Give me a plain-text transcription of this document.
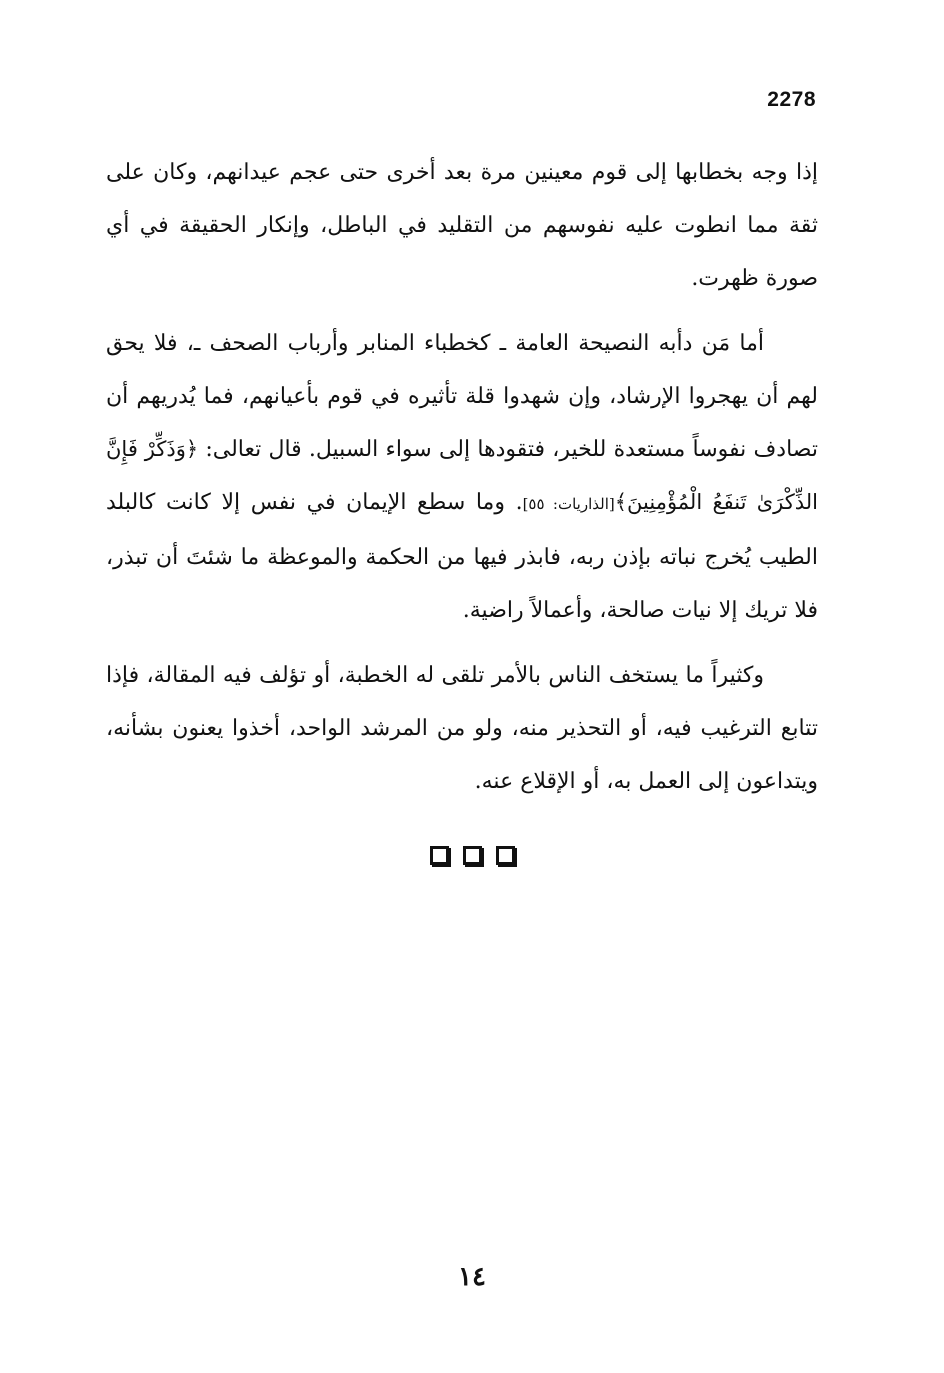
2278

إذا وجه بخطابها إلى قوم معينين مرة بعد أخرى حتى عجم عيدانهم، وكان على ثقة مما انطوت عليه نفوسهم من التقليد في الباطل، وإنكار الحقيقة في أي صورة ظهرت.

أما مَن دأبه النصيحة العامة ـ كخطباء المنابر وأرباب الصحف ـ، فلا يحق لهم أن يهجروا الإرشاد، وإن شهدوا قلة تأثيره في قوم بأعيانهم، فما يُدريهم أن تصادف نفوساً مستعدة للخير، فتقودها إلى سواء السبيل. قال تعالى: ﴿وَذَكِّرْ فَإِنَّ الذِّكْرَىٰ تَنفَعُ الْمُؤْمِنِينَ﴾[الذاريات: ٥٥]. وما سطع الإيمان في نفس إلا كانت كالبلد الطيب يُخرج نباته بإذن ربه، فابذر فيها من الحكمة والموعظة ما شئتَ أن تبذر، فلا تريك إلا نيات صالحة، وأعمالاً راضية.

وكثيراً ما يستخف الناس بالأمر تلقى له الخطبة، أو تؤلف فيه المقالة، فإذا تتابع الترغيب فيه، أو التحذير منه، ولو من المرشد الواحد، أخذوا يعنون بشأنه، ويتداعون إلى العمل به، أو الإقلاع عنه.

١٤
